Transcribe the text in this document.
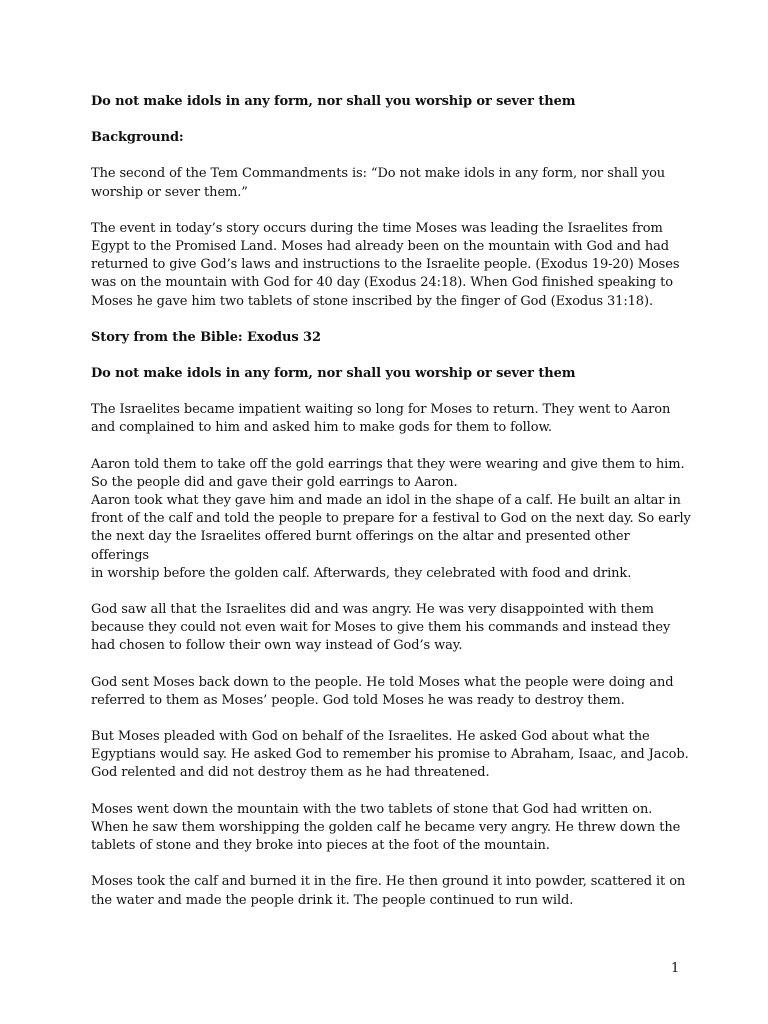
Do not make idols in any form, nor shall you worship or sever them

Background:

The second of the Tem Commandments is: “Do not make idols in any form, nor shall you
worship or sever them.”

The event in today’s story occurs during the time Moses was leading the Israelites from
Egypt to the Promised Land. Moses had already been on the mountain with God and had
returned to give God’s laws and instructions to the Israelite people. (Exodus 19-20) Moses
was on the mountain with God for 40 day (Exodus 24:18). When God finished speaking to
Moses he gave him two tablets of stone inscribed by the finger of God (Exodus 31:18).

Story from the Bible: Exodus 32

Do not make idols in any form, nor shall you worship or sever them

The Israelites became impatient waiting so long for Moses to return. They went to Aaron
and complained to him and asked him to make gods for them to follow.

Aaron told them to take off the gold earrings that they were wearing and give them to him.
So the people did and gave their gold earrings to Aaron.
Aaron took what they gave him and made an idol in the shape of a calf. He built an altar in
front of the calf and told the people to prepare for a festival to God on the next day. So early
the next day the Israelites offered burnt offerings on the altar and presented other offerings
in worship before the golden calf. Afterwards, they celebrated with food and drink.

God saw all that the Israelites did and was angry. He was very disappointed with them
because they could not even wait for Moses to give them his commands and instead they
had chosen to follow their own way instead of God’s way.

God sent Moses back down to the people. He told Moses what the people were doing and
referred to them as Moses’ people. God told Moses he was ready to destroy them.

But Moses pleaded with God on behalf of the Israelites. He asked God about what the
Egyptians would say. He asked God to remember his promise to Abraham, Isaac, and Jacob.
God relented and did not destroy them as he had threatened.

Moses went down the mountain with the two tablets of stone that God had written on.
When he saw them worshipping the golden calf he became very angry. He threw down the
tablets of stone and they broke into pieces at the foot of the mountain.

Moses took the calf and burned it in the fire. He then ground it into powder, scattered it on
the water and made the people drink it. The people continued to run wild.

1
